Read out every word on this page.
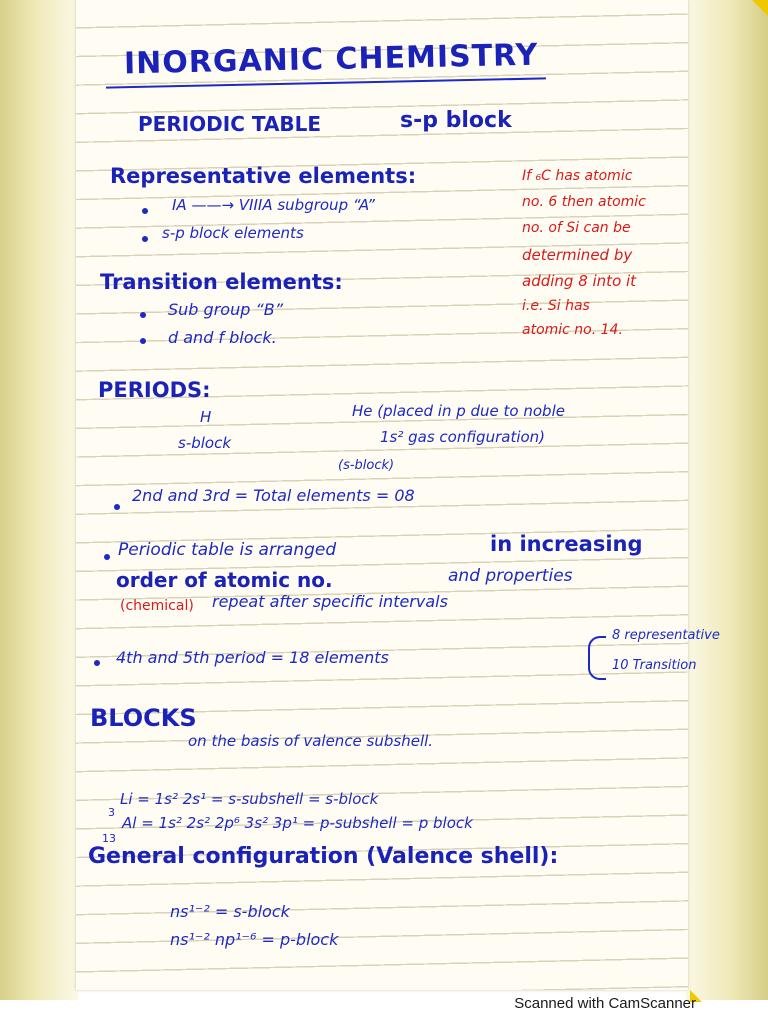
INORGANIC CHEMISTRY
PERIODIC TABLE	s-p block
Representative elements:
IA ——→ VIIIA subgroup “A”
s-p block elements
If ₆C has atomic
no. 6 then atomic
no. of Si can be
determined by
adding 8 into it
i.e. Si has
atomic no. 14.
Transition elements:
Sub group “B”
d and f block.
PERIODS:
H
s-block
He (placed in p due to noble
1s² gas configuration)
(s-block)
2nd and 3rd = Total elements = 08
Periodic table is arranged	in increasing
order of atomic no.	and properties
(chemical) repeat after specific intervals
4th and 5th period = 18 elements
8 representative
10 Transition
BLOCKS
on the basis of valence subshell.
3
Li = 1s² 2s¹ = s-subshell = s-block
13
Al = 1s² 2s² 2p⁶ 3s² 3p¹ = p-subshell = p block
General configuration (Valence shell):
ns¹⁻² = s-block
ns¹⁻² np¹⁻⁶ = p-block
Scanned with CamScanner
